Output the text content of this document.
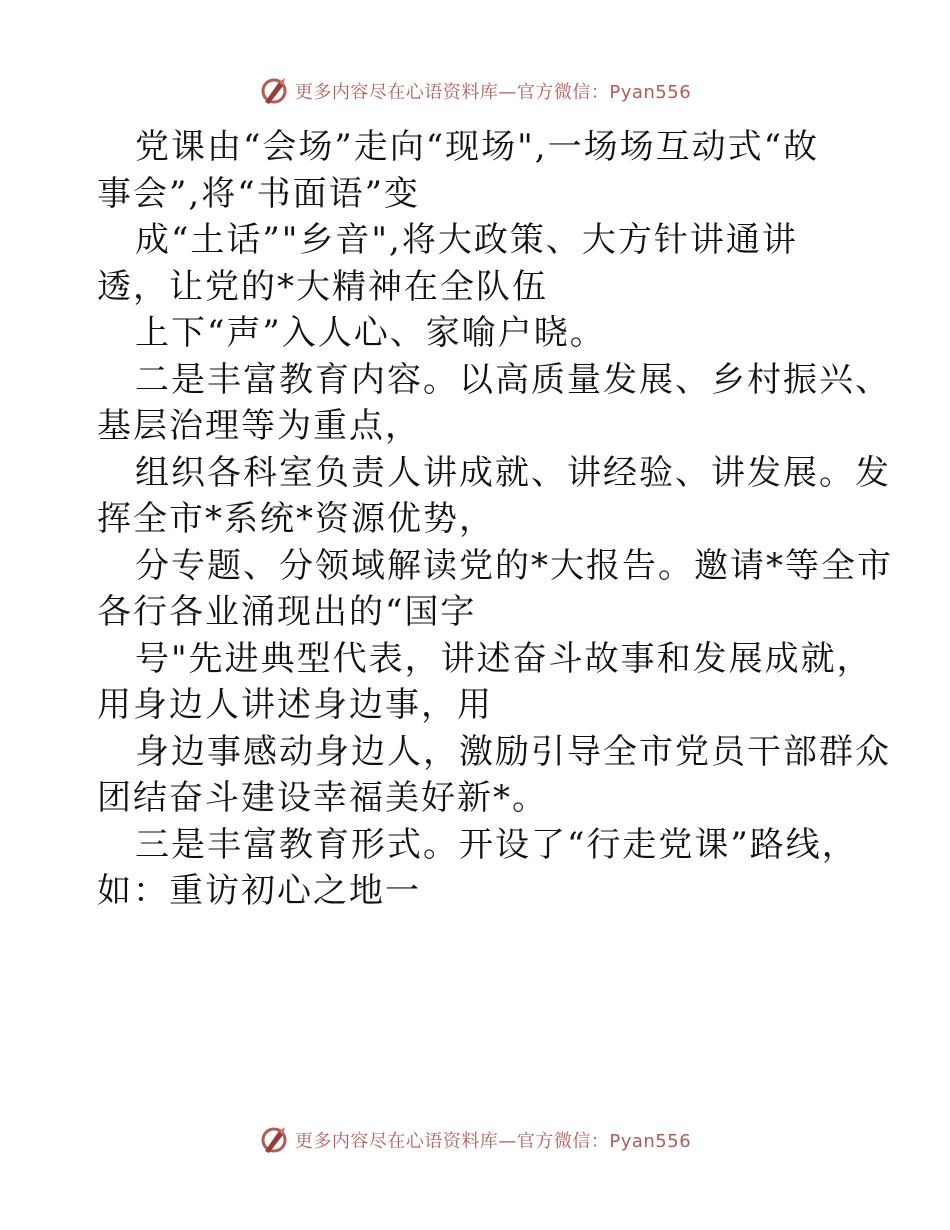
更多内容尽在心语资料库—官方微信：Pyan556
党课由“会场”走向“现场",一场场互动式“故
事会”,将“书面语”变
成“土话”"乡音",将大政策、大方针讲通讲
透，让党的*大精神在全队伍
上下“声”入人心、家喻户晓。
二是丰富教育内容。以高质量发展、乡村振兴、
基层治理等为重点，
组织各科室负责人讲成就、讲经验、讲发展。发
挥全市*系统*资源优势，
分专题、分领域解读党的*大报告。邀请*等全市
各行各业涌现出的“国字
号"先进典型代表，讲述奋斗故事和发展成就，
用身边人讲述身边事，用
身边事感动身边人，激励引导全市党员干部群众
团结奋斗建设幸福美好新*。
三是丰富教育形式。开设了“行走党课”路线，
如：重访初心之地一
更多内容尽在心语资料库—官方微信：Pyan556
